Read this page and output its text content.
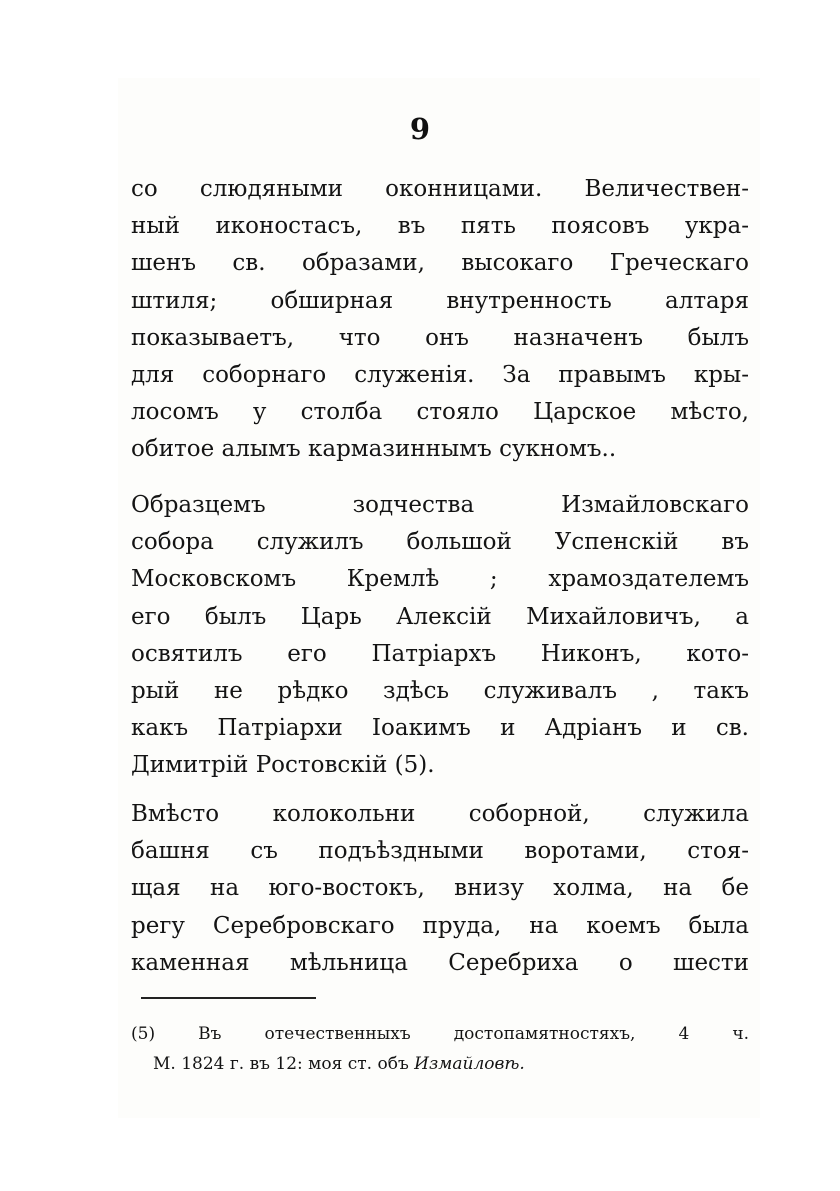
9
со слюдяными оконницами. Величествен-
ный иконостасъ, въ пять поясовъ укра-
шенъ св. образами, высокаго Греческаго
штиля; обширная внутренность алтаря
показываетъ, что онъ назначенъ былъ
для соборнаго служенія. За правымъ кры-
лосомъ у столба стояло Царское мѣсто,
обитое алымъ кармазиннымъ сукномъ..
Образцемъ зодчества Измайловскаго
собора служилъ большой Успенскій въ
Московскомъ Кремлѣ ; храмоздателемъ
его былъ Царь Алексій Михайловичъ, а
освятилъ его Патріархъ Никонъ, кото-
рый не рѣдко здѣсь служивалъ , такъ
какъ Патріархи Іоакимъ и Адріанъ и св.
Димитрій Ростовскій (5).
Вмѣсто колокольни соборной, служила
башня съ подъѣздными воротами, стоя-
щая на юго-востокъ, внизу холма, на бе
регу Серебровскаго пруда, на коемъ была
каменная мѣльница Серебриха о шести
(5) Въ отечественныхъ достопамятностяхъ, 4 ч.
М. 1824 г. въ 12: моя ст. объ Измайловѣ.
